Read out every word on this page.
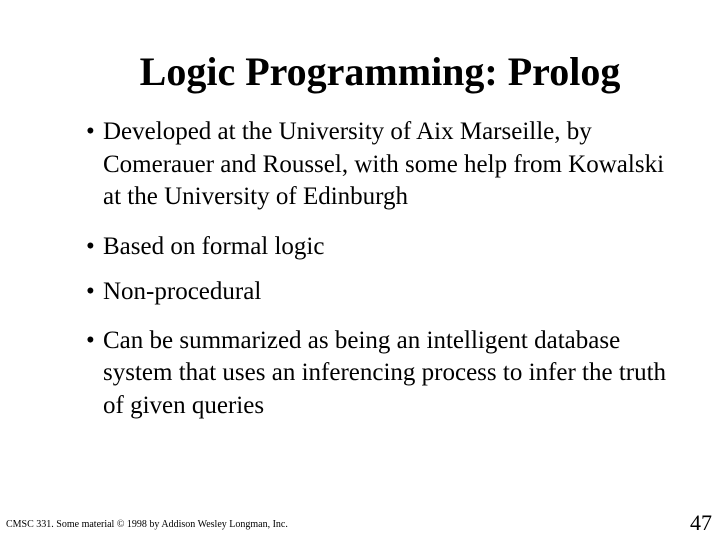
Logic Programming: Prolog
• Developed at the University of Aix Marseille, by Comerauer and Roussel, with some help from Kowalski at the University of Edinburgh
• Based on formal logic
• Non-procedural
• Can be summarized as being an intelligent database system that uses an inferencing process to infer the truth of given queries
CMSC 331. Some material © 1998 by Addison Wesley Longman, Inc.	47
